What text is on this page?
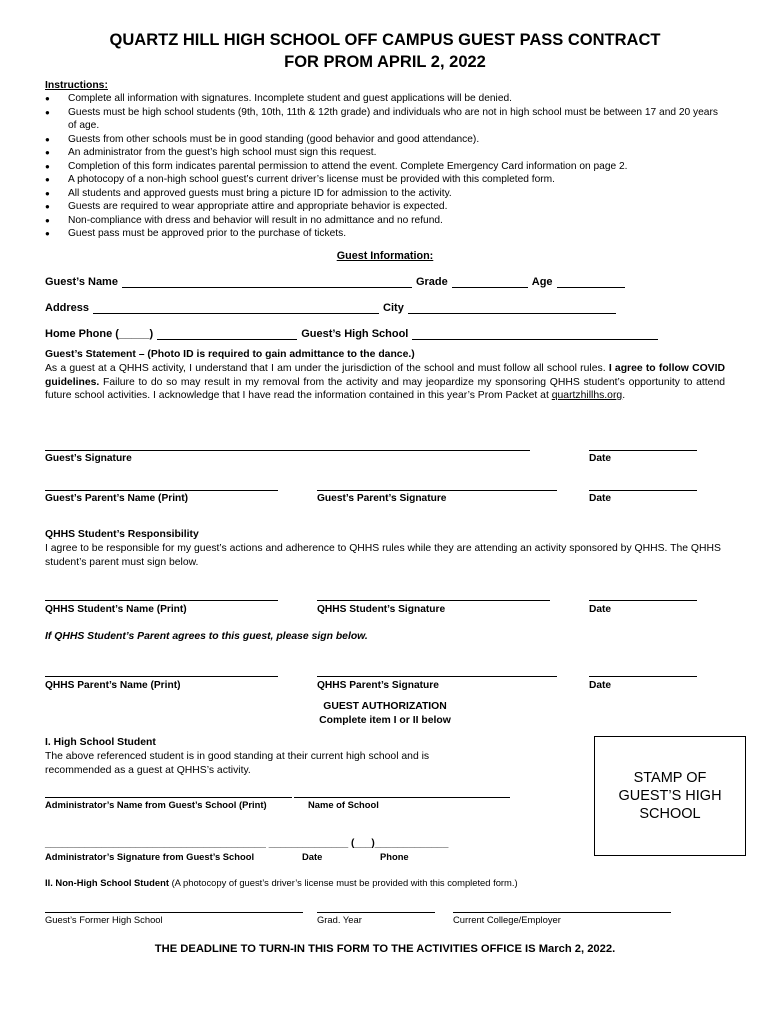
QUARTZ HILL HIGH SCHOOL OFF CAMPUS GUEST PASS CONTRACT
FOR PROM APRIL 2, 2022
Instructions:
● Complete all information with signatures. Incomplete student and guest applications will be denied.
● Guests must be high school students (9th, 10th, 11th & 12th grade) and individuals who are not in high school must be between 17 and 20 years of age.
● Guests from other schools must be in good standing (good behavior and good attendance).
● An administrator from the guest’s high school must sign this request.
● Completion of this form indicates parental permission to attend the event. Complete Emergency Card information on page 2.
● A photocopy of a non-high school guest’s current driver’s license must be provided with this completed form.
● All students and approved guests must bring a picture ID for admission to the activity.
● Guests are required to wear appropriate attire and appropriate behavior is expected.
● Non-compliance with dress and behavior will result in no admittance and no refund.
● Guest pass must be approved prior to the purchase of tickets.
Guest Information:
Guest’s Name	Grade	Age
Address	City
Home Phone (_____)	Guest’s High School
Guest’s Statement – (Photo ID is required to gain admittance to the dance.)
As a guest at a QHHS activity, I understand that I am under the jurisdiction of the school and must follow all school rules. I agree to follow COVID guidelines. Failure to do so may result in my removal from the activity and may jeopardize my sponsoring QHHS student’s opportunity to attend future school activities. I acknowledge that I have read the information contained in this year’s Prom Packet at quartzhillhs.org.
Guest’s Signature	Date
Guest’s Parent’s Name (Print)	Guest’s Parent’s Signature	Date
QHHS Student’s Responsibility
I agree to be responsible for my guest’s actions and adherence to QHHS rules while they are attending an activity sponsored by QHHS. The QHHS student’s parent must sign below.
QHHS Student’s Name (Print)	QHHS Student’s Signature	Date
If QHHS Student’s Parent agrees to this guest, please sign below.
QHHS Parent’s Name (Print)	QHHS Parent’s Signature	Date
GUEST AUTHORIZATION
Complete item I or II below
I. High School Student
The above referenced student is in good standing at their current high school and is recommended as a guest at QHHS’s activity.
Administrator’s Name from Guest’s School (Print)	Name of School
STAMP OF GUEST’S HIGH SCHOOL
_______________________________________ ______________ (___)_____________
Administrator’s Signature from Guest’s School	Date	Phone
II. Non-High School Student (A photocopy of guest’s driver’s license must be provided with this completed form.)
Guest’s Former High School	Grad. Year	Current College/Employer
THE DEADLINE TO TURN-IN THIS FORM TO THE ACTIVITIES OFFICE IS March 2, 2022.
